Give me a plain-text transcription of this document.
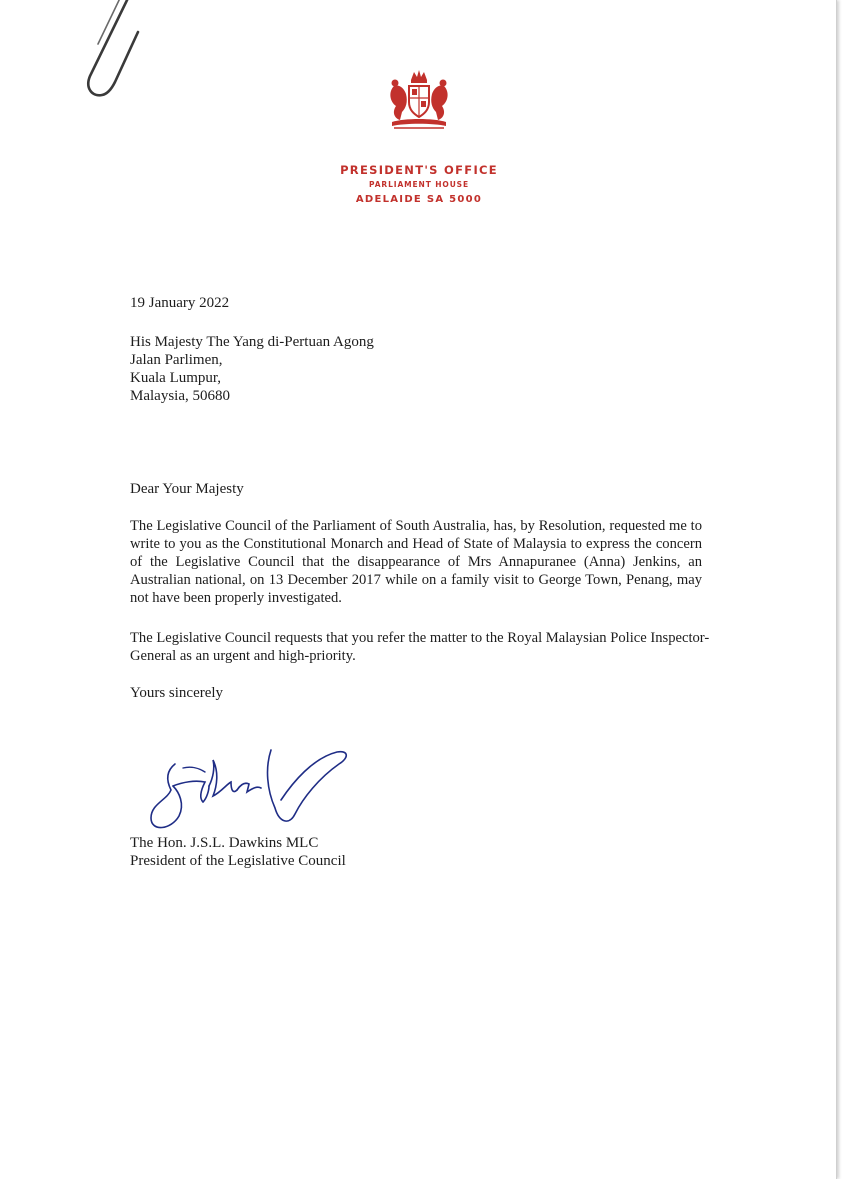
PRESIDENT'S OFFICE
PARLIAMENT HOUSE
ADELAIDE SA 5000
19 January 2022
His Majesty The Yang di-Pertuan Agong
Jalan Parlimen,
Kuala Lumpur,
Malaysia, 50680
Dear Your Majesty

The Legislative Council of the Parliament of South Australia, has, by Resolution, requested me to write to you as the Constitutional Monarch and Head of State of Malaysia to express the concern of the Legislative Council that the disappearance of Mrs Annapuranee (Anna) Jenkins, an Australian national, on 13 December 2017 while on a family visit to George Town, Penang, may not have been properly investigated.

The Legislative Council requests that you refer the matter to the Royal Malaysian Police Inspector-General as an urgent and high-priority.

Yours sincerely
The Hon. J.S.L. Dawkins MLC
President of the Legislative Council
